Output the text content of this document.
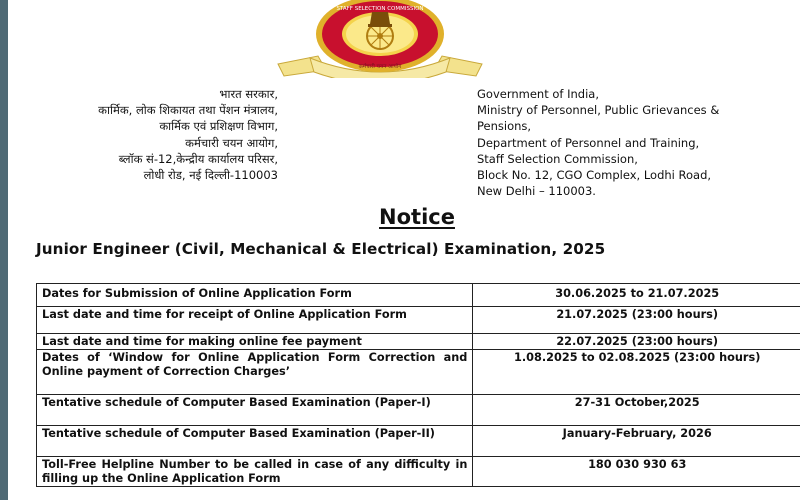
STAFF SELECTION COMMISSION
कर्मचारी चयन आयोग
भारत सरकार,
कार्मिक, लोक शिकायत तथा पेंशन मंत्रालय,
कार्मिक एवं प्रशिक्षण विभाग,
कर्मचारी चयन आयोग,
ब्लॉक सं-12,केन्द्रीय कार्यालय परिसर,
लोधी रोड, नई दिल्ली-110003
Government of India,
Ministry of Personnel, Public Grievances &
Pensions,
Department of Personnel and Training,
Staff Selection Commission,
Block No. 12, CGO Complex, Lodhi Road,
New Delhi – 110003.
Notice
Junior Engineer (Civil, Mechanical & Electrical) Examination, 2025
Dates for Submission of Online Application Form	30.06.2025 to 21.07.2025
Last date and time for receipt of Online Application Form	21.07.2025 (23:00 hours)
Last date and time for making online fee payment	22.07.2025 (23:00 hours)
Dates of ‘Window for Online Application Form Correction and Online payment of Correction Charges’	1.08.2025 to 02.08.2025 (23:00 hours)
Tentative schedule of Computer Based Examination (Paper-I)	27-31 October,2025
Tentative schedule of Computer Based Examination (Paper-II)	January-February, 2026
Toll-Free Helpline Number to be called in case of any difficulty in filling up the Online Application Form	180 030 930 63
